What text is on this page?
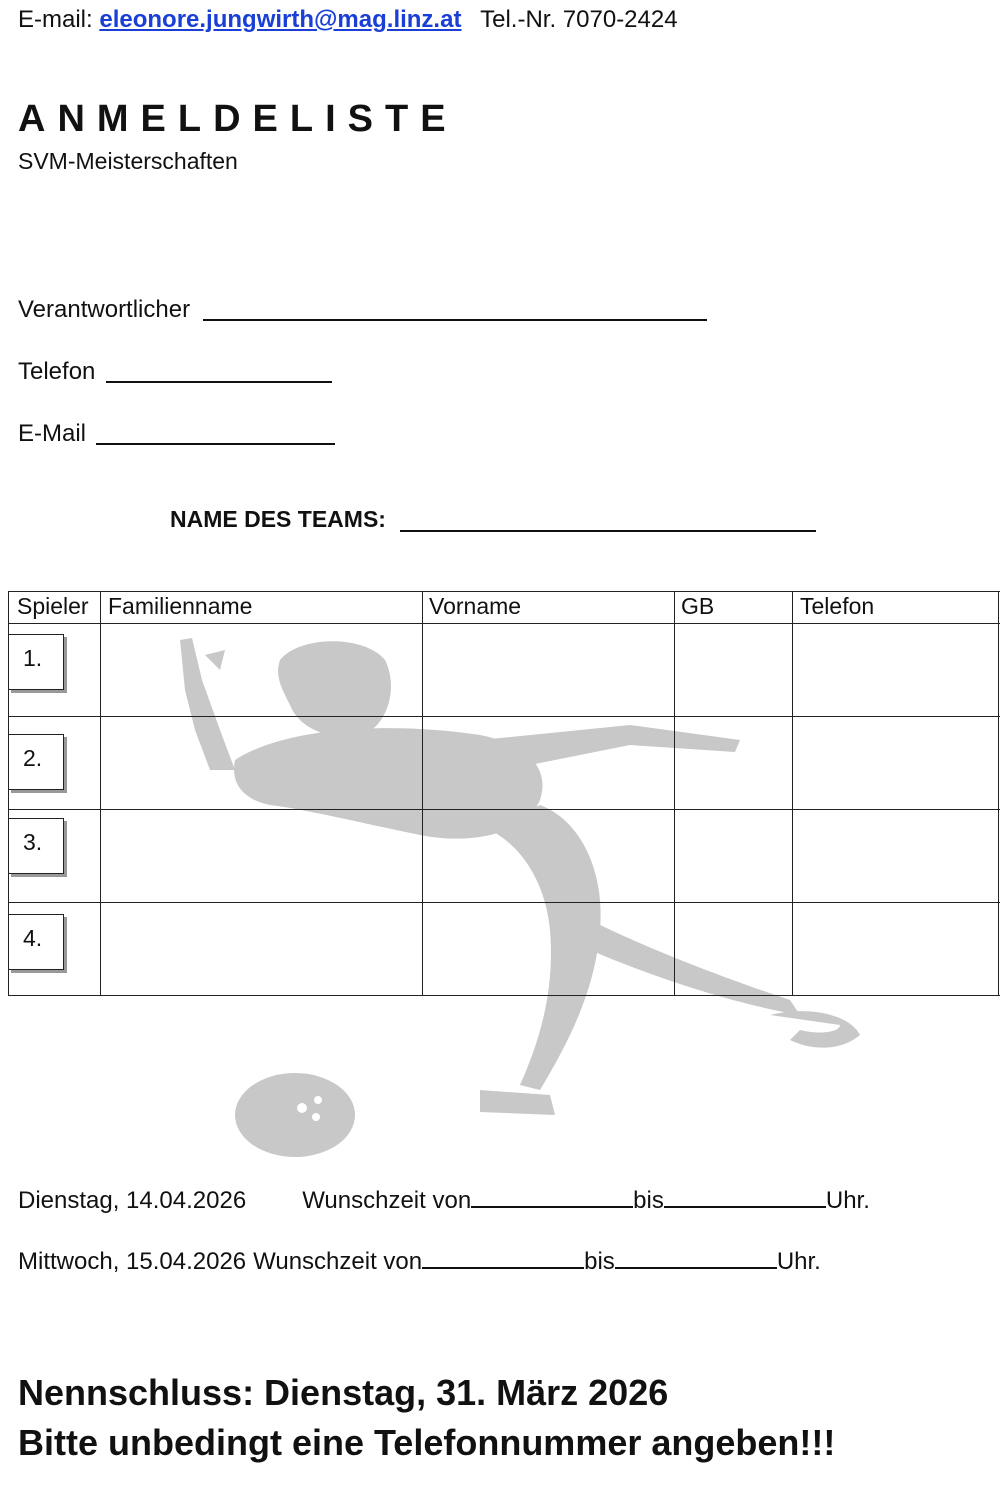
E-mail: eleonore.jungwirth@mag.linz.at Tel.-Nr. 7070-2424
ANMELDELISTE
SVM-Meisterschaften
Verantwortlicher
Telefon
E-Mail
NAME DES TEAMS:
Spieler Familienname	Vorname	GB	Telefon
1.
2.
3.
4.
Dienstag, 14.04.2026 Wunschzeit von	bis	Uhr.
Mittwoch, 15.04.2026 Wunschzeit von	bis	Uhr.
Nennschluss: Dienstag, 31. März 2026
Bitte unbedingt eine Telefonnummer angeben!!!
